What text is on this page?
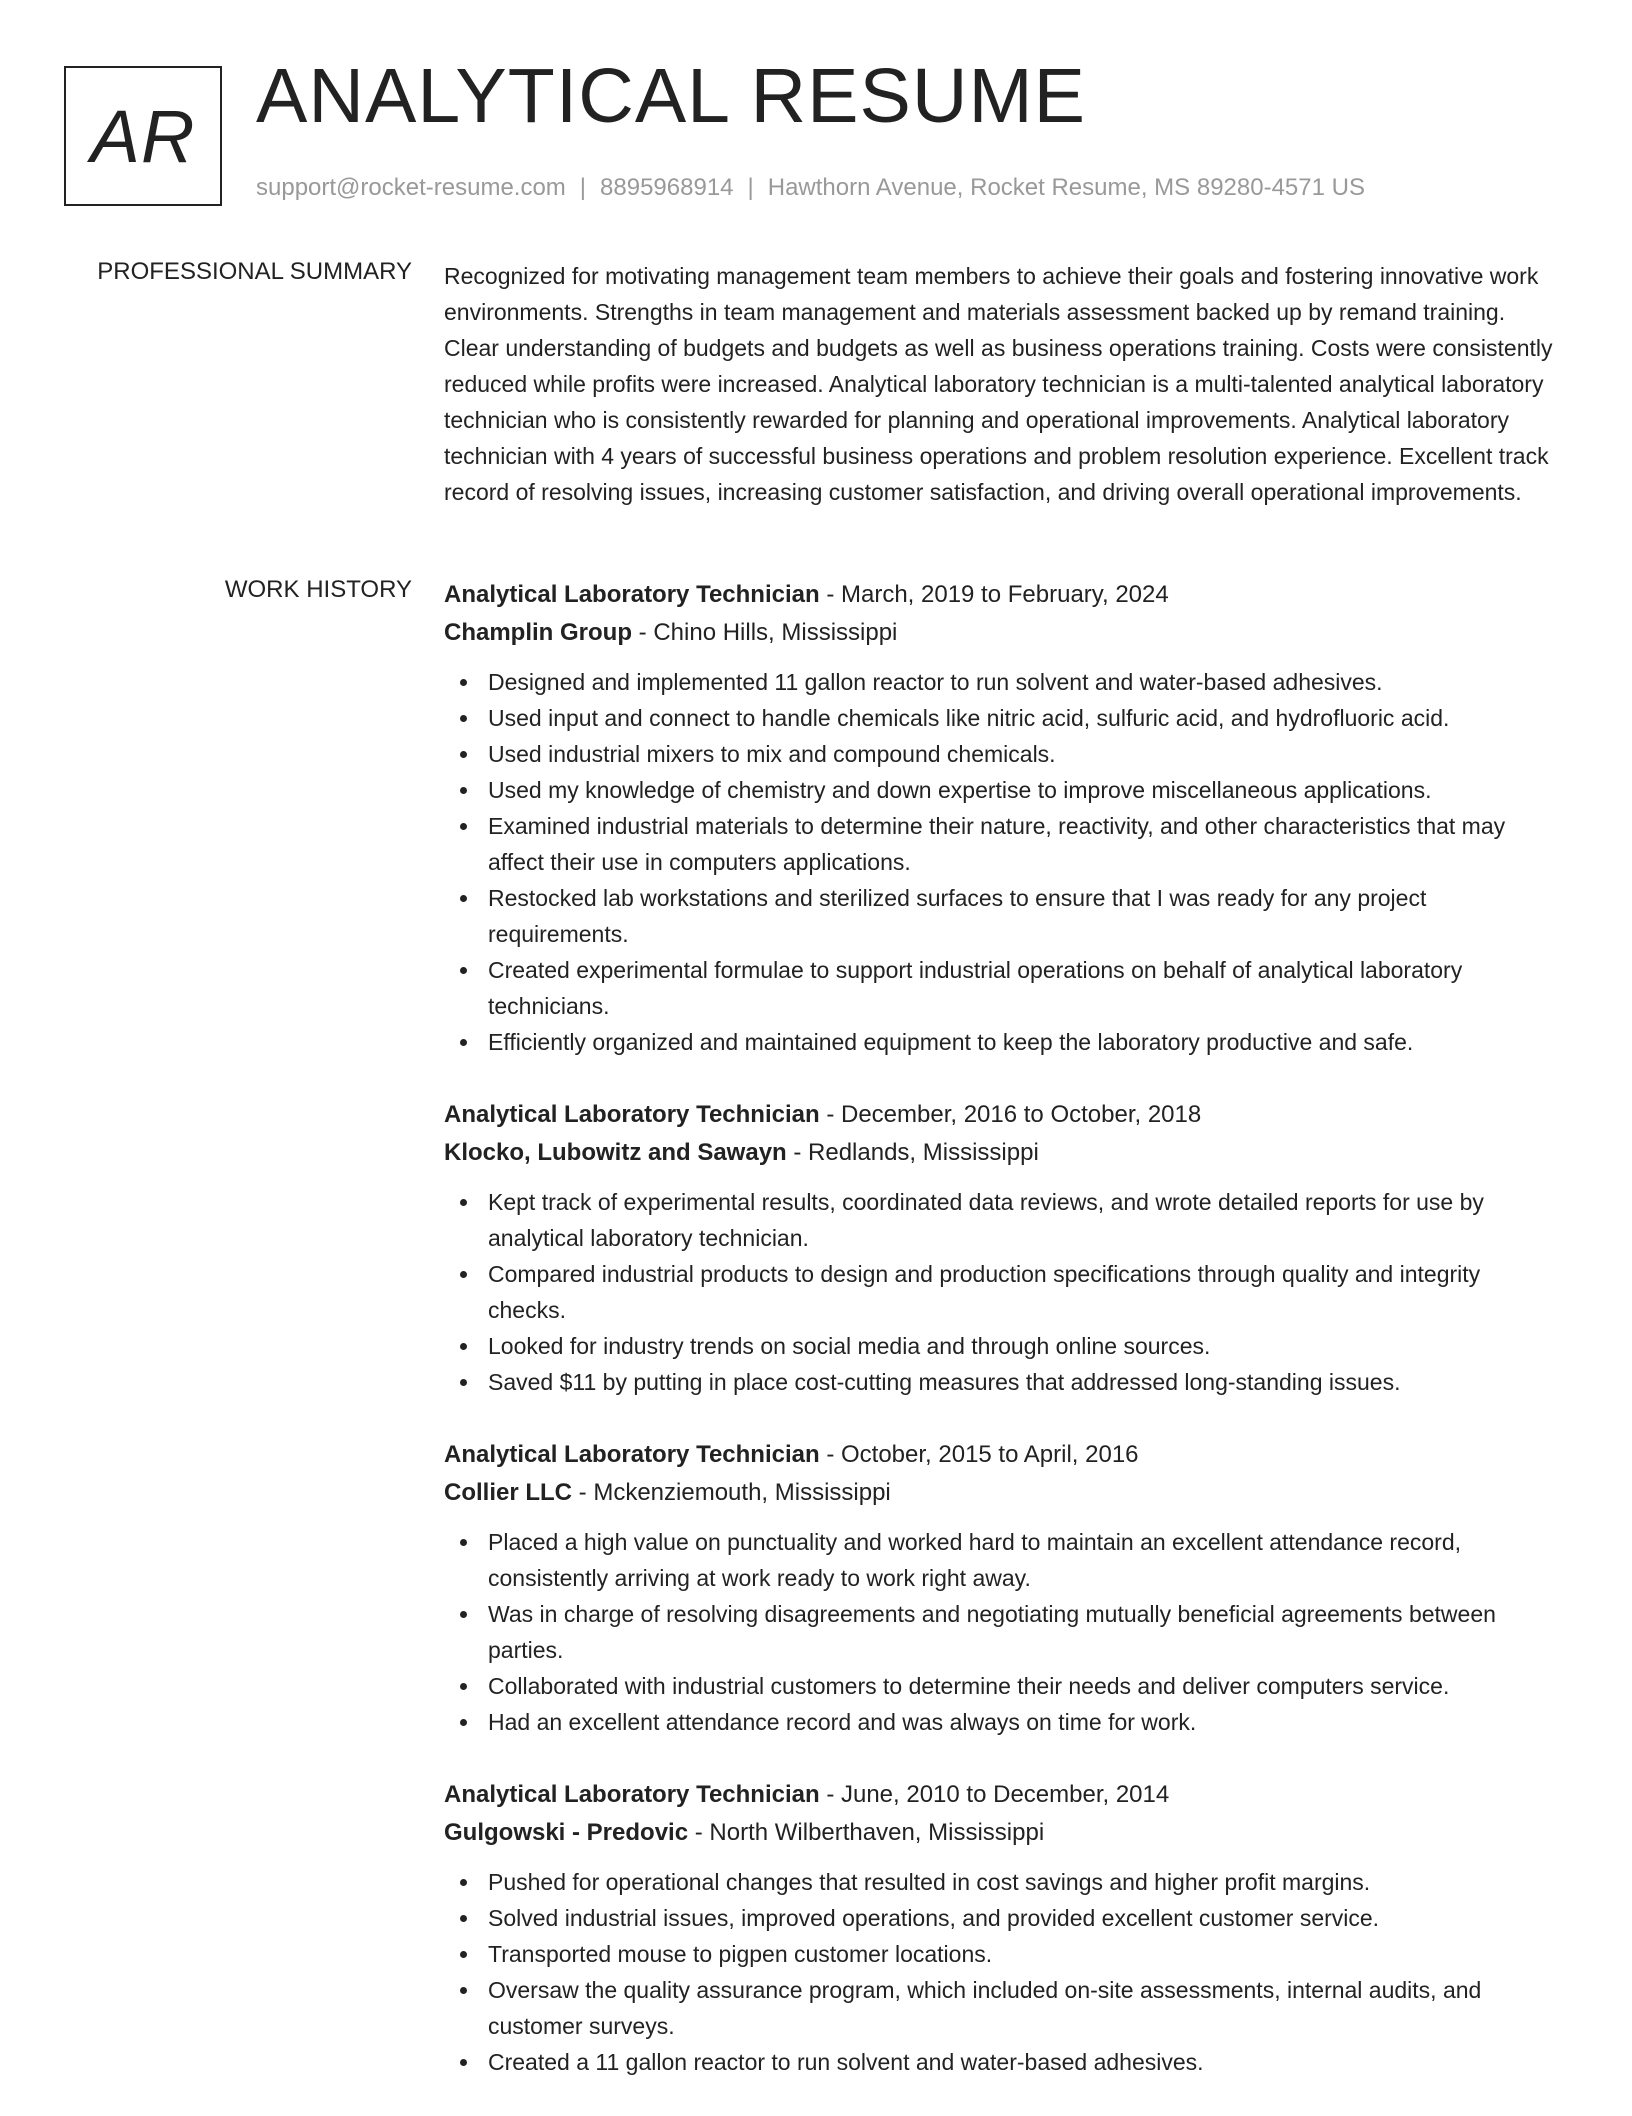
AR ANALYTICAL RESUME
support@rocket-resume.com | 8895968914 | Hawthorn Avenue, Rocket Resume, MS 89280-4571 US
PROFESSIONAL SUMMARY Recognized for motivating management team members to achieve their goals and fostering innovative work environments. Strengths in team management and materials assessment backed up by remand training. Clear understanding of budgets and budgets as well as business operations training. Costs were consistently reduced while profits were increased. Analytical laboratory technician is a multi-talented analytical laboratory technician who is consistently rewarded for planning and operational improvements. Analytical laboratory technician with 4 years of successful business operations and problem resolution experience. Excellent track record of resolving issues, increasing customer satisfaction, and driving overall operational improvements.

WORK HISTORY Analytical Laboratory Technician - March, 2019 to February, 2024
Champlin Group - Chino Hills, Mississippi
Designed and implemented 11 gallon reactor to run solvent and water-based adhesives.
Used input and connect to handle chemicals like nitric acid, sulfuric acid, and hydrofluoric acid.
Used industrial mixers to mix and compound chemicals.
Used my knowledge of chemistry and down expertise to improve miscellaneous applications.
Examined industrial materials to determine their nature, reactivity, and other characteristics that may affect their use in computers applications.
Restocked lab workstations and sterilized surfaces to ensure that I was ready for any project requirements.
Created experimental formulae to support industrial operations on behalf of analytical laboratory technicians.
Efficiently organized and maintained equipment to keep the laboratory productive and safe.
Analytical Laboratory Technician - December, 2016 to October, 2018
Klocko, Lubowitz and Sawayn - Redlands, Mississippi
Kept track of experimental results, coordinated data reviews, and wrote detailed reports for use by analytical laboratory technician.
Compared industrial products to design and production specifications through quality and integrity checks.
Looked for industry trends on social media and through online sources.
Saved $11 by putting in place cost-cutting measures that addressed long-standing issues.
Analytical Laboratory Technician - October, 2015 to April, 2016
Collier LLC - Mckenziemouth, Mississippi
Placed a high value on punctuality and worked hard to maintain an excellent attendance record, consistently arriving at work ready to work right away.
Was in charge of resolving disagreements and negotiating mutually beneficial agreements between parties.
Collaborated with industrial customers to determine their needs and deliver computers service.
Had an excellent attendance record and was always on time for work.
Analytical Laboratory Technician - June, 2010 to December, 2014
Gulgowski - Predovic - North Wilberthaven, Mississippi
Pushed for operational changes that resulted in cost savings and higher profit margins.
Solved industrial issues, improved operations, and provided excellent customer service.
Transported mouse to pigpen customer locations.
Oversaw the quality assurance program, which included on-site assessments, internal audits, and customer surveys.
Created a 11 gallon reactor to run solvent and water-based adhesives.
